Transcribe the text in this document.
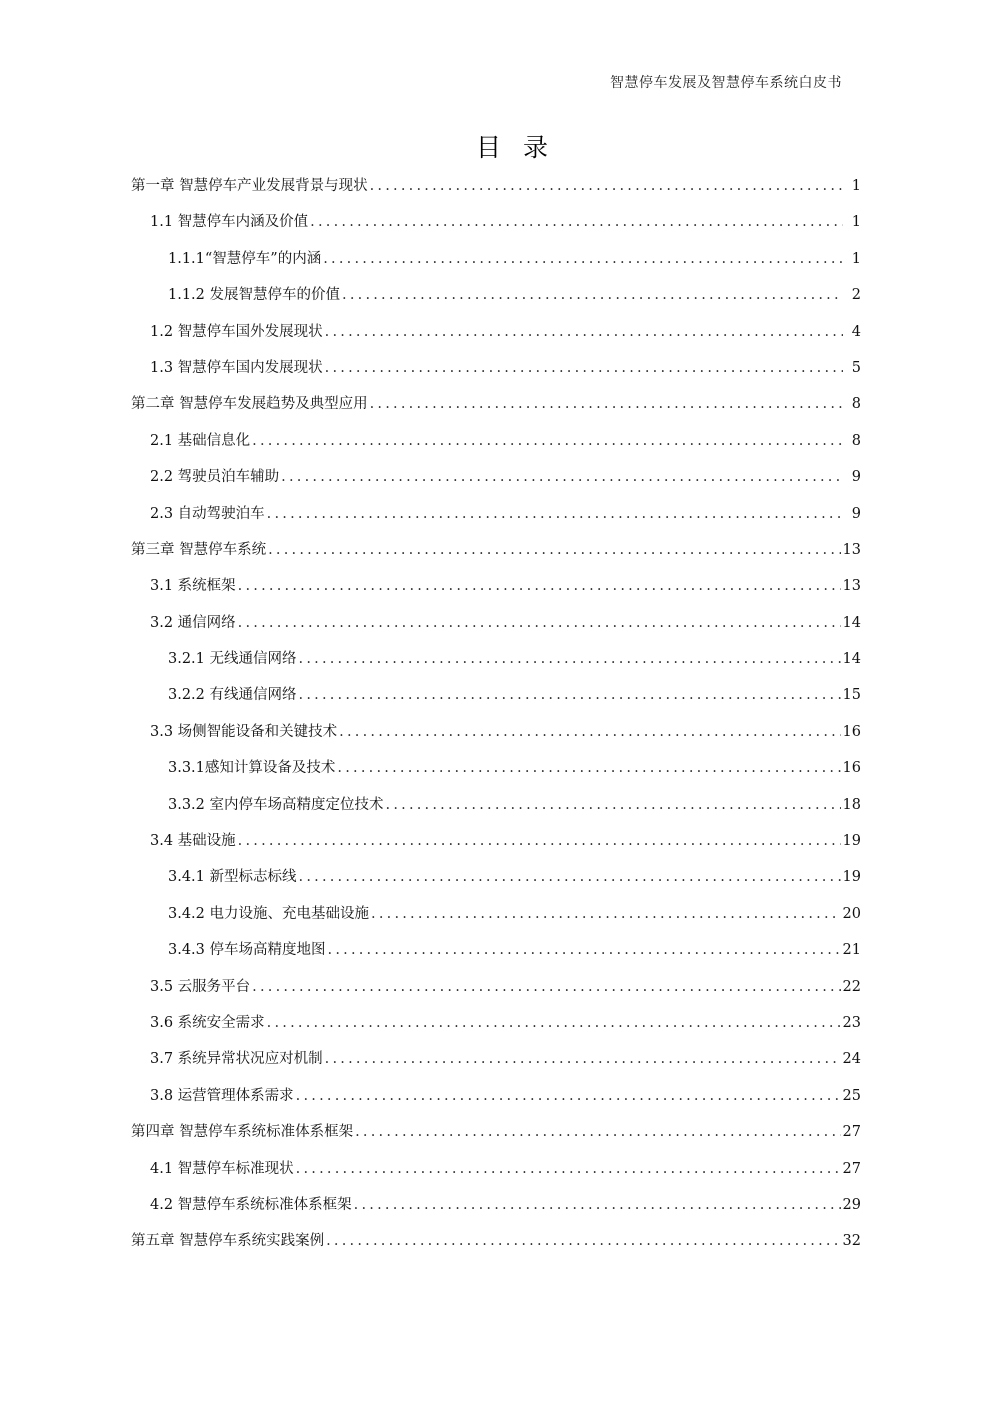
智慧停车发展及智慧停车系统白皮书
目录
第一章 智慧停车产业发展背景与现状 .....	1
1.1 智慧停车内涵及价值 .....	1
1.1.1“智慧停车”的内涵 .....	1
1.1.2 发展智慧停车的价值 .....	2
1.2 智慧停车国外发展现状 .....	4
1.3 智慧停车国内发展现状 .....	5
第二章 智慧停车发展趋势及典型应用 .....	8
2.1 基础信息化 .....	8
2.2 驾驶员泊车辅助 .....	9
2.3 自动驾驶泊车 .....	9
第三章 智慧停车系统 .....	13
3.1 系统框架 .....	13
3.2 通信网络 .....	14
3.2.1 无线通信网络 .....	14
3.2.2 有线通信网络 .....	15
3.3 场侧智能设备和关键技术 .....	16
3.3.1感知计算设备及技术 .....	16
3.3.2 室内停车场高精度定位技术 .....	18
3.4 基础设施 .....	19
3.4.1 新型标志标线 .....	19
3.4.2 电力设施、充电基础设施 .....	20
3.4.3 停车场高精度地图 .....	21
3.5 云服务平台 .....	22
3.6 系统安全需求 .....	23
3.7 系统异常状况应对机制 .....	24
3.8 运营管理体系需求 .....	25
第四章 智慧停车系统标准体系框架 .....	27
4.1 智慧停车标准现状 .....	27
4.2 智慧停车系统标准体系框架 .....	29
第五章 智慧停车系统实践案例 .....	32
